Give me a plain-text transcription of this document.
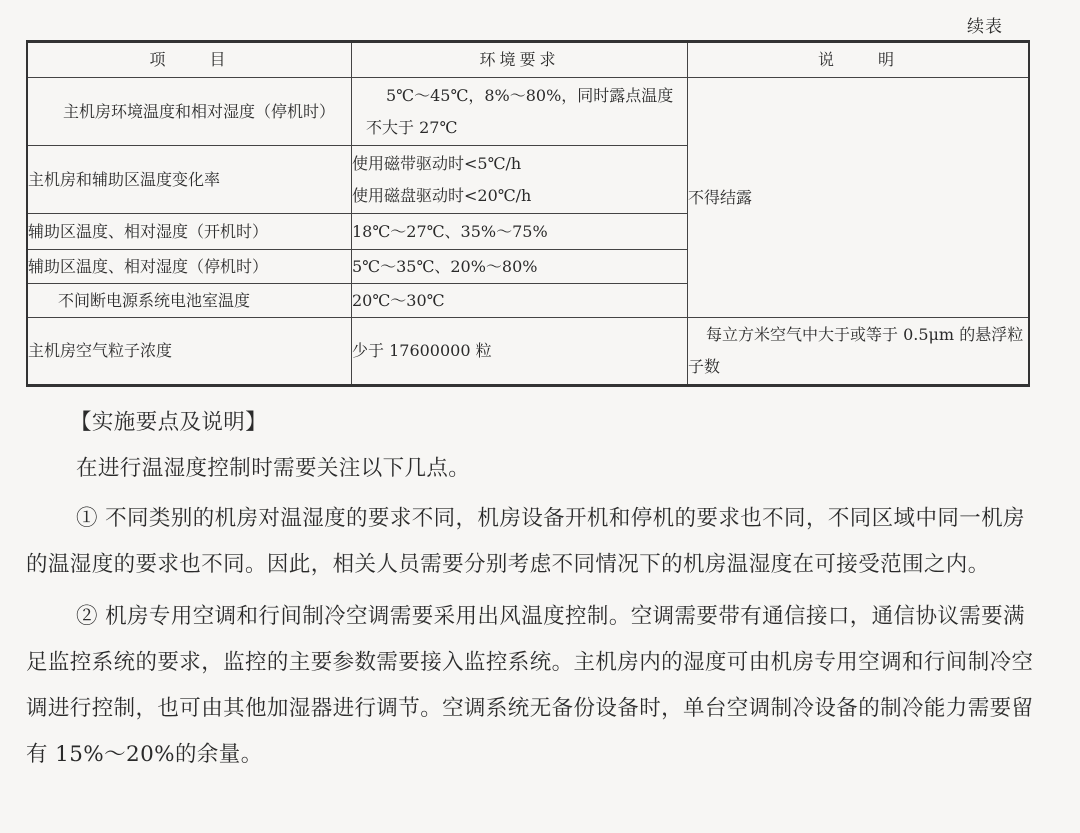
续表
项　　目	环境要求	说　　明
主机房环境温度和相对湿度（停机时）	5℃～45℃，8%～80%，同时露点温度不大于 27℃	不得结露
主机房和辅助区温度变化率	使用磁带驱动时<5℃/h
使用磁盘驱动时<20℃/h	

辅助区温度、相对湿度（开机时）	18℃～27℃、35%～75%	
辅助区温度、相对湿度（停机时）	5℃～35℃、20%～80%	
不间断电源系统电池室温度	20℃～30℃	
主机房空气粒子浓度	少于 17600000 粒	每立方米空气中大于或等于 0.5μm 的悬浮粒子数

【实施要点及说明】

在进行温湿度控制时需要关注以下几点。

① 不同类别的机房对温湿度的要求不同，机房设备开机和停机的要求也不同，不同区域中同一机房的温湿度的要求也不同。因此，相关人员需要分别考虑不同情况下的机房温湿度在可接受范围之内。

② 机房专用空调和行间制冷空调需要采用出风温度控制。空调需要带有通信接口，通信协议需要满足监控系统的要求，监控的主要参数需要接入监控系统。主机房内的湿度可由机房专用空调和行间制冷空调进行控制，也可由其他加湿器进行调节。空调系统无备份设备时，单台空调制冷设备的制冷能力需要留有 15%～20%的余量。
